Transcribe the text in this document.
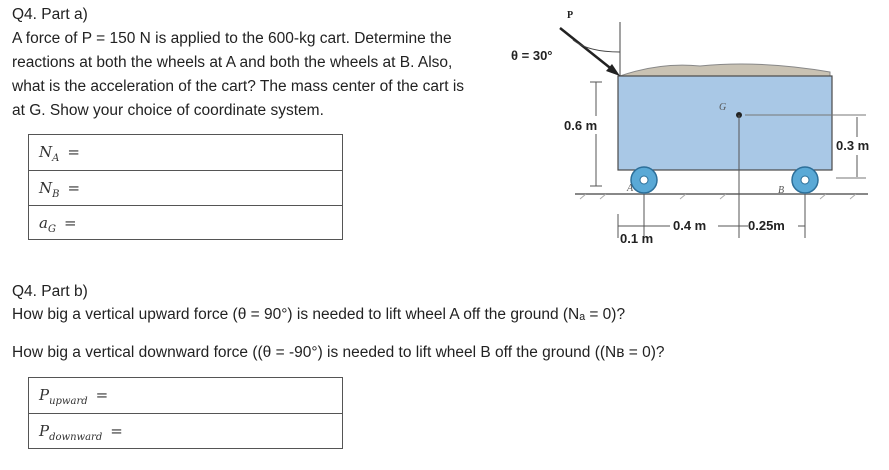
Q4. Part a)
A force of P = 150 N is applied to the 600-kg cart. Determine the
reactions at both the wheels at A and both the wheels at B. Also,
what is the acceleration of the cart? The mass center of the cart is
at G. Show your choice of coordinate system.
$N_A$ =
$N_B$ =
$a_G$ =
A	B
P
θ = 30°
0.6 m
G
0.3 m
0.1 m
0.4 m	0.25m
Q4. Part b)
How big a vertical upward force (θ = 90°) is needed to lift wheel A off the ground (Nₐ = 0)?
How big a vertical downward force ((θ = -90°) is needed to lift wheel B off the ground ((Nʙ = 0)?
$P_{upward}$ =
$P_{downward}$ =
